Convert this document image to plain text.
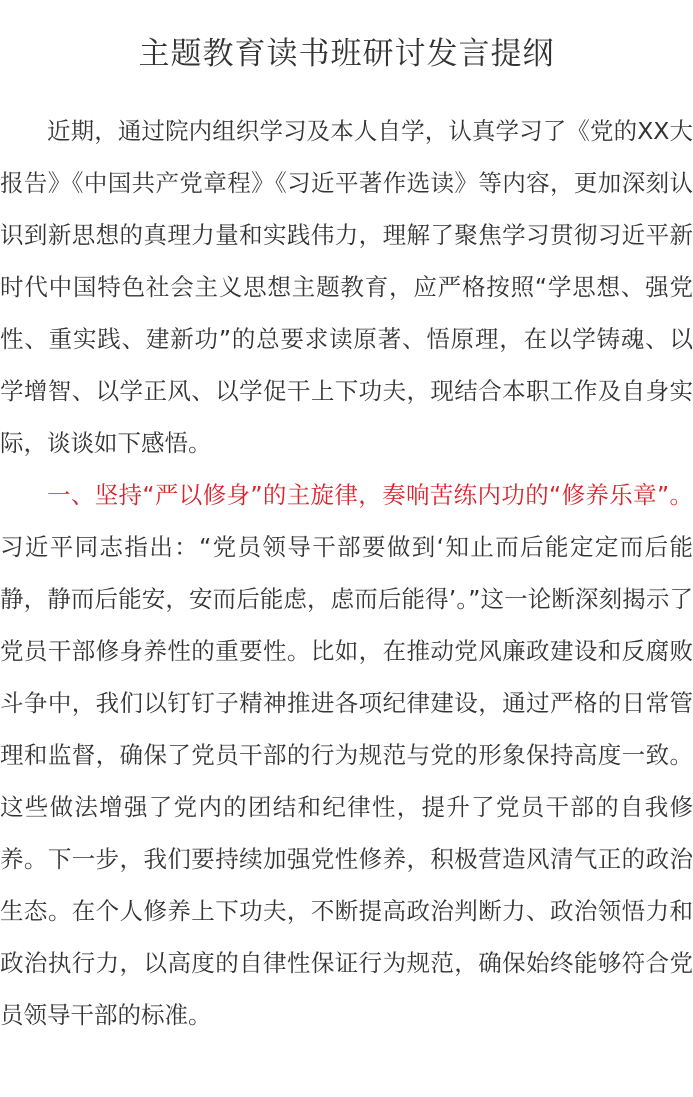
主题教育读书班研讨发言提纲

近期，通过院内组织学习及本人自学，认真学习了《党的XX大报告》《中国共产党章程》《习近平著作选读》等内容，更加深刻认识到新思想的真理力量和实践伟力，理解了聚焦学习贯彻习近平新时代中国特色社会主义思想主题教育，应严格按照“学思想、强党性、重实践、建新功”的总要求读原著、悟原理，在以学铸魂、以学增智、以学正风、以学促干上下功夫，现结合本职工作及自身实际，谈谈如下感悟。

一、坚持“严以修身”的主旋律，奏响苦练内功的“修养乐章”。习近平同志指出：“党员领导干部要做到‘知止而后能定定而后能静，静而后能安，安而后能虑，虑而后能得’。”这一论断深刻揭示了党员干部修身养性的重要性。比如，在推动党风廉政建设和反腐败斗争中，我们以钉钉子精神推进各项纪律建设，通过严格的日常管理和监督，确保了党员干部的行为规范与党的形象保持高度一致。这些做法增强了党内的团结和纪律性，提升了党员干部的自我修养。下一步，我们要持续加强党性修养，积极营造风清气正的政治生态。在个人修养上下功夫，不断提高政治判断力、政治领悟力和政治执行力，以高度的自律性保证行为规范，确保始终能够符合党员领导干部的标准。
